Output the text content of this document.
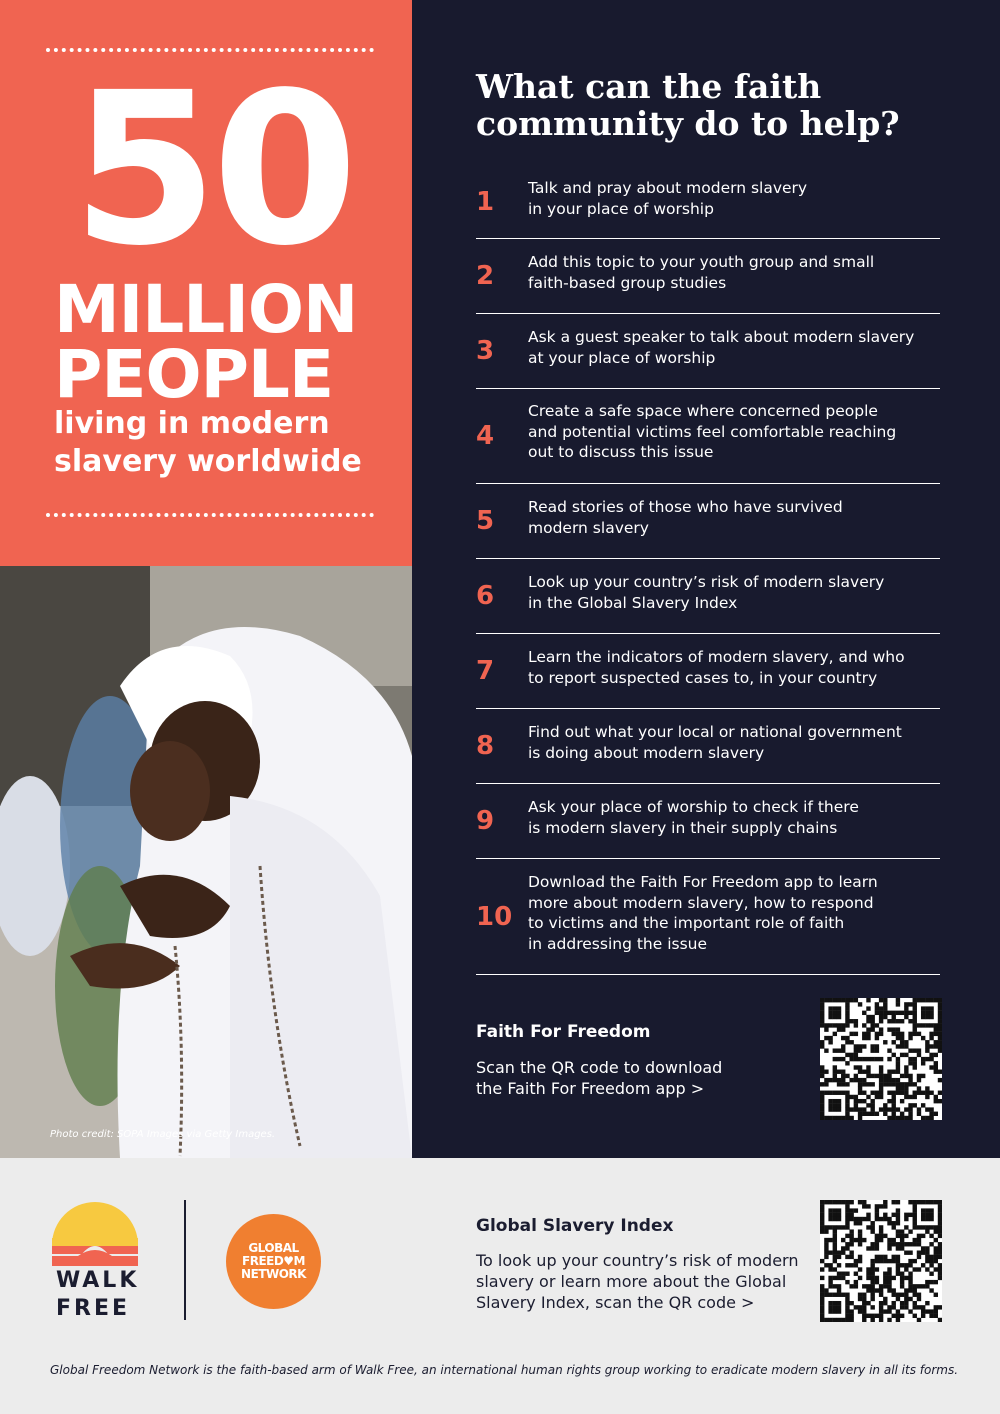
50
MILLION
PEOPLE
living in modern
slavery worldwide
Photo credit: SOPA Images via Getty Images.
What can the faith
community do to help?
1 Talk and pray about modern slavery
in your place of worship
2 Add this topic to your youth group and small
faith-based group studies
3 Ask a guest speaker to talk about modern slavery
at your place of worship
4
Create a safe space where concerned people
and potential victims feel comfortable reaching
out to discuss this issue
5 Read stories of those who have survived
modern slavery
6 Look up your country’s risk of modern slavery
in the Global Slavery Index
7 Learn the indicators of modern slavery, and who
to report suspected cases to, in your country
8 Find out what your local or national government
is doing about modern slavery
9 Ask your place of worship to check if there
is modern slavery in their supply chains
10
Download the Faith For Freedom app to learn
more about modern slavery, how to respond
to victims and the important role of faith
in addressing the issue
Faith For Freedom
Scan the QR code to download
the Faith For Freedom app >
WALK
FREE
GLOBAL
FREED♥M
NETWORK
Global Slavery Index
To look up your country’s risk of modern
slavery or learn more about the Global
Slavery Index, scan the QR code >
Global Freedom Network is the faith-based arm of Walk Free, an international human rights group working to eradicate modern slavery in all its forms.
